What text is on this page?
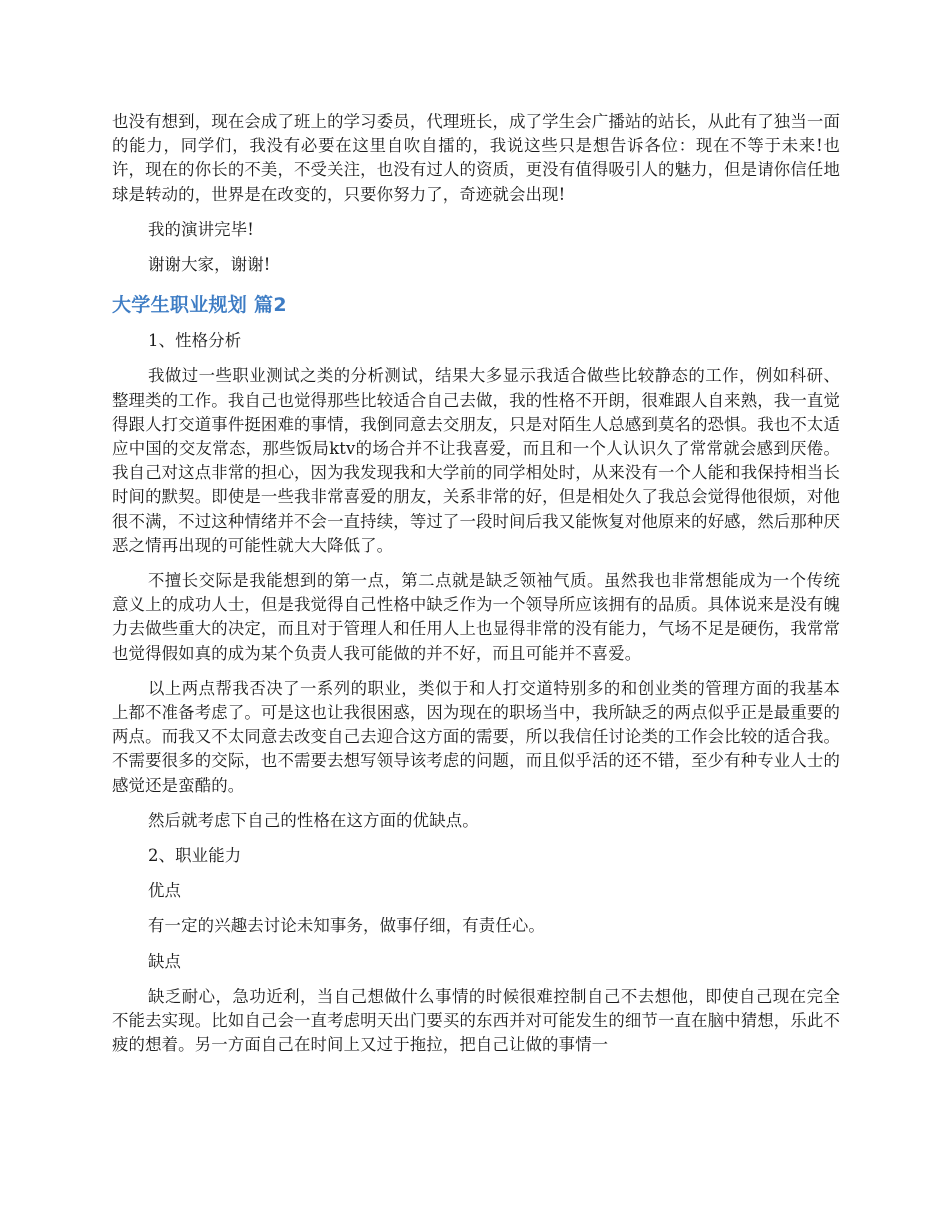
也没有想到，现在会成了班上的学习委员，代理班长，成了学生会广播站的站长，从此有了独当一面的能力，同学们，我没有必要在这里自吹自擂的，我说这些只是想告诉各位：现在不等于未来!也许，现在的你长的不美，不受关注，也没有过人的资质，更没有值得吸引人的魅力，但是请你信任地球是转动的，世界是在改变的，只要你努力了，奇迹就会出现!

我的演讲完毕!

谢谢大家，谢谢!

大学生职业规划 篇2

1、性格分析

我做过一些职业测试之类的分析测试，结果大多显示我适合做些比较静态的工作，例如科研、整理类的工作。我自己也觉得那些比较适合自己去做，我的性格不开朗，很难跟人自来熟，我一直觉得跟人打交道事件挺困难的事情，我倒同意去交朋友，只是对陌生人总感到莫名的恐惧。我也不太适应中国的交友常态，那些饭局ktv的场合并不让我喜爱，而且和一个人认识久了常常就会感到厌倦。我自己对这点非常的担心，因为我发现我和大学前的同学相处时，从来没有一个人能和我保持相当长时间的默契。即使是一些我非常喜爱的朋友，关系非常的好，但是相处久了我总会觉得他很烦，对他很不满，不过这种情绪并不会一直持续，等过了一段时间后我又能恢复对他原来的好感，然后那种厌恶之情再出现的可能性就大大降低了。

不擅长交际是我能想到的第一点，第二点就是缺乏领袖气质。虽然我也非常想能成为一个传统意义上的成功人士，但是我觉得自己性格中缺乏作为一个领导所应该拥有的品质。具体说来是没有魄力去做些重大的决定，而且对于管理人和任用人上也显得非常的没有能力，气场不足是硬伤，我常常也觉得假如真的成为某个负责人我可能做的并不好，而且可能并不喜爱。

以上两点帮我否决了一系列的职业，类似于和人打交道特别多的和创业类的管理方面的我基本上都不准备考虑了。可是这也让我很困惑，因为现在的职场当中，我所缺乏的两点似乎正是最重要的两点。而我又不太同意去改变自己去迎合这方面的需要，所以我信任讨论类的工作会比较的适合我。不需要很多的交际，也不需要去想写领导该考虑的问题，而且似乎活的还不错，至少有种专业人士的感觉还是蛮酷的。

然后就考虑下自己的性格在这方面的优缺点。

2、职业能力

优点

有一定的兴趣去讨论未知事务，做事仔细，有责任心。

缺点

缺乏耐心，急功近利，当自己想做什么事情的时候很难控制自己不去想他，即使自己现在完全不能去实现。比如自己会一直考虑明天出门要买的东西并对可能发生的细节一直在脑中猜想，乐此不疲的想着。另一方面自己在时间上又过于拖拉，把自己让做的事情一
